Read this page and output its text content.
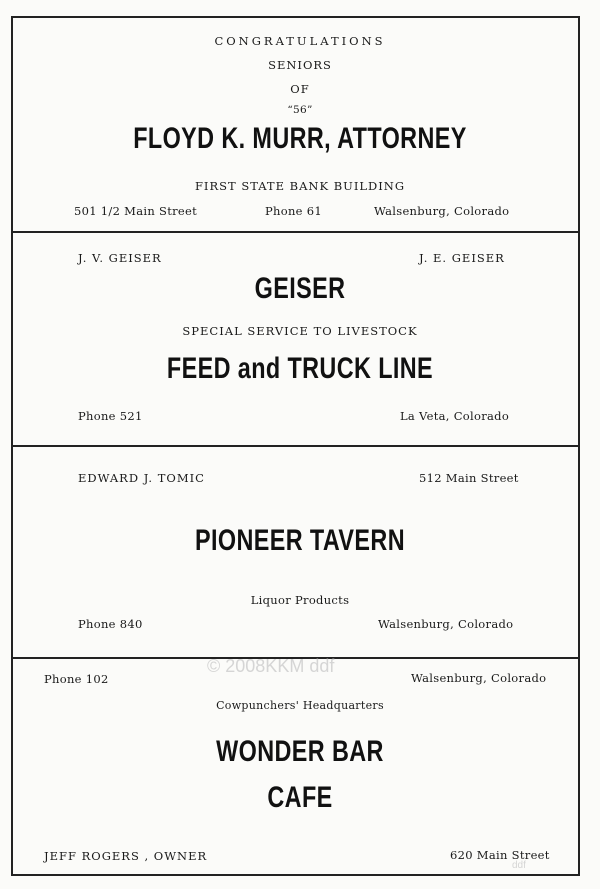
CONGRATULATIONS
SENIORS
OF
“56”
FLOYD K. MURR, ATTORNEY
FIRST STATE BANK BUILDING
501 1/2 Main Street	Phone 61	Walsenburg, Colorado
J. V. GEISER	J. E. GEISER
GEISER
SPECIAL SERVICE TO LIVESTOCK
FEED and TRUCK LINE
Phone 521	La Veta, Colorado
EDWARD J. TOMIC	512 Main Street
PIONEER TAVERN
Liquor Products
Phone 840	Walsenburg, Colorado
© 2008KKM ddf
Phone 102	Walsenburg, Colorado
Cowpunchers' Headquarters
WONDER BAR
CAFE
JEFF ROGERS , OWNER	620 Main Street
ddf
